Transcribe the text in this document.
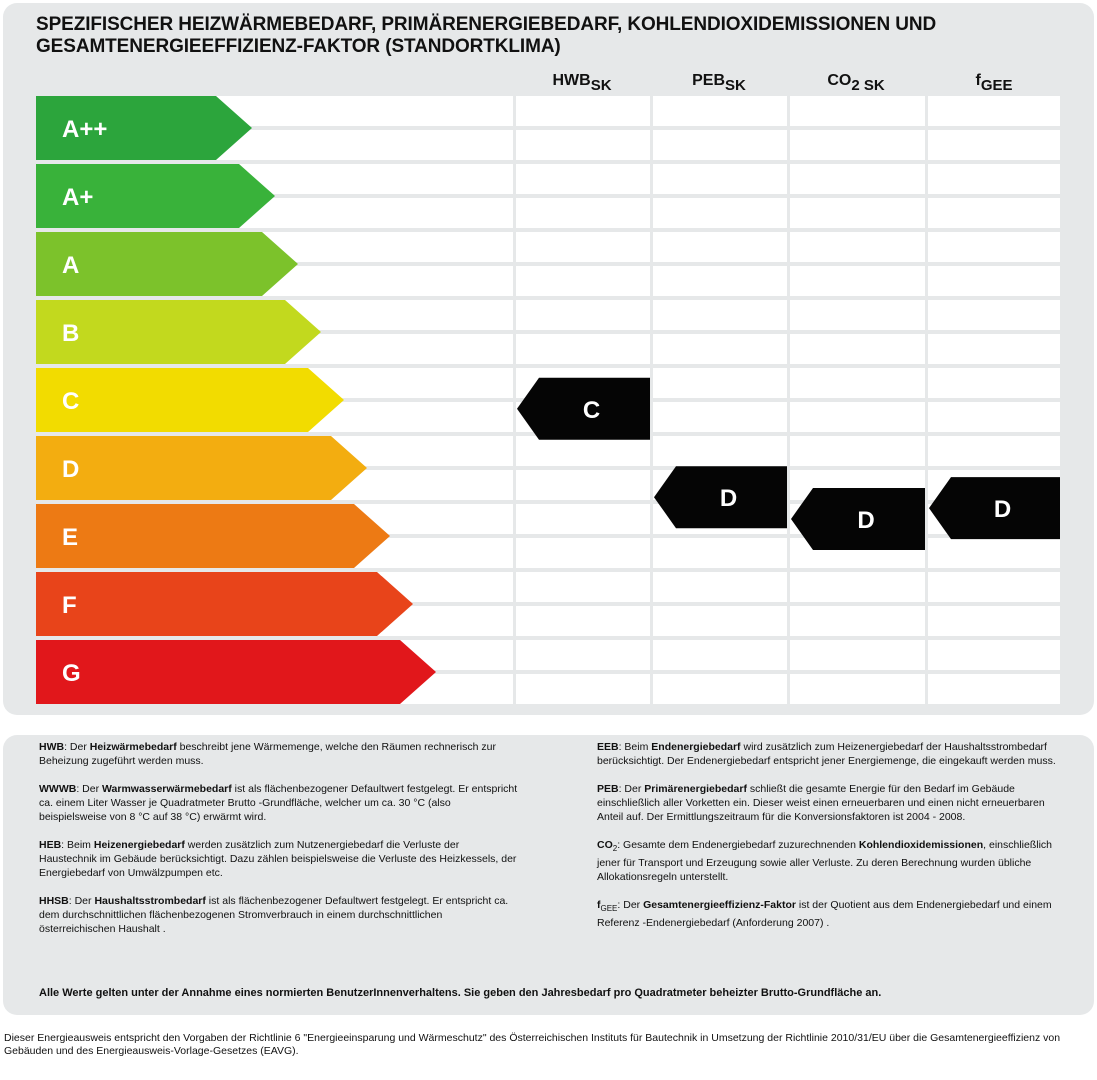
SPEZIFISCHER HEIZWÄRMEBEDARF, PRIMÄRENERGIEBEDARF, KOHLENDIOXIDEMISSIONEN UND GESAMTENERGIEEFFIZIENZ-FAKTOR (STANDORTKLIMA)
$HWB_{SK}$	$PEB_{SK}$	$CO_{2 SK}$	$f_{GEE}$
A++
A+
A
B
C
D
E
F
G
C
D
D	D

HWB: Der Heizwärmebedarf beschreibt jene Wärmemenge, welche den Räumen rechnerisch zur Beheizung zugeführt werden muss.

WWWB: Der Warmwasserwärmebedarf ist als flächenbezogener Defaultwert festgelegt. Er entspricht ca. einem Liter Wasser je Quadratmeter Brutto -Grundfläche, welcher um ca. 30 °C (also beispielsweise von 8 °C auf 38 °C) erwärmt wird.

HEB: Beim Heizenergiebedarf werden zusätzlich zum Nutzenergiebedarf die Verluste der Haustechnik im Gebäude berücksichtigt. Dazu zählen beispielsweise die Verluste des Heizkessels, der Energiebedarf von Umwälzpumpen etc.

HHSB: Der Haushaltsstrombedarf ist als flächenbezogener Defaultwert festgelegt. Er entspricht ca. dem durchschnittlichen flächenbezogenen Stromverbrauch in einem durchschnittlichen österreichischen Haushalt .

EEB: Beim Endenergiebedarf wird zusätzlich zum Heizenergiebedarf der Haushaltsstrombedarf berücksichtigt. Der Endenergiebedarf entspricht jener Energiemenge, die eingekauft werden muss.

PEB: Der Primärenergiebedarf schließt die gesamte Energie für den Bedarf im Gebäude einschließlich aller Vorketten ein. Dieser weist einen erneuerbaren und einen nicht erneuerbaren Anteil auf. Der Ermittlungszeitraum für die Konversionsfaktoren ist 2004 - 2008.

$CO_2$: Gesamte dem Endenergiebedarf zuzurechnenden Kohlendioxidemissionen, einschließlich jener für Transport und Erzeugung sowie aller Verluste. Zu deren Berechnung wurden übliche Allokationsregeln unterstellt.

$f_{GEE}$: Der Gesamtenergieeffizienz-Faktor ist der Quotient aus dem Endenergiebedarf und einem Referenz -Endenergiebedarf (Anforderung 2007) .

Alle Werte gelten unter der Annahme eines normierten BenutzerInnenverhaltens. Sie geben den Jahresbedarf pro Quadratmeter beheizter Brutto-Grundfläche an.
Dieser Energieausweis entspricht den Vorgaben der Richtlinie 6 "Energieeinsparung und Wärmeschutz" des Österreichischen Instituts für Bautechnik in Umsetzung der Richtlinie 2010/31/EU über die Gesamtenergieeffizienz von Gebäuden und des Energieausweis-Vorlage-Gesetzes (EAVG).
